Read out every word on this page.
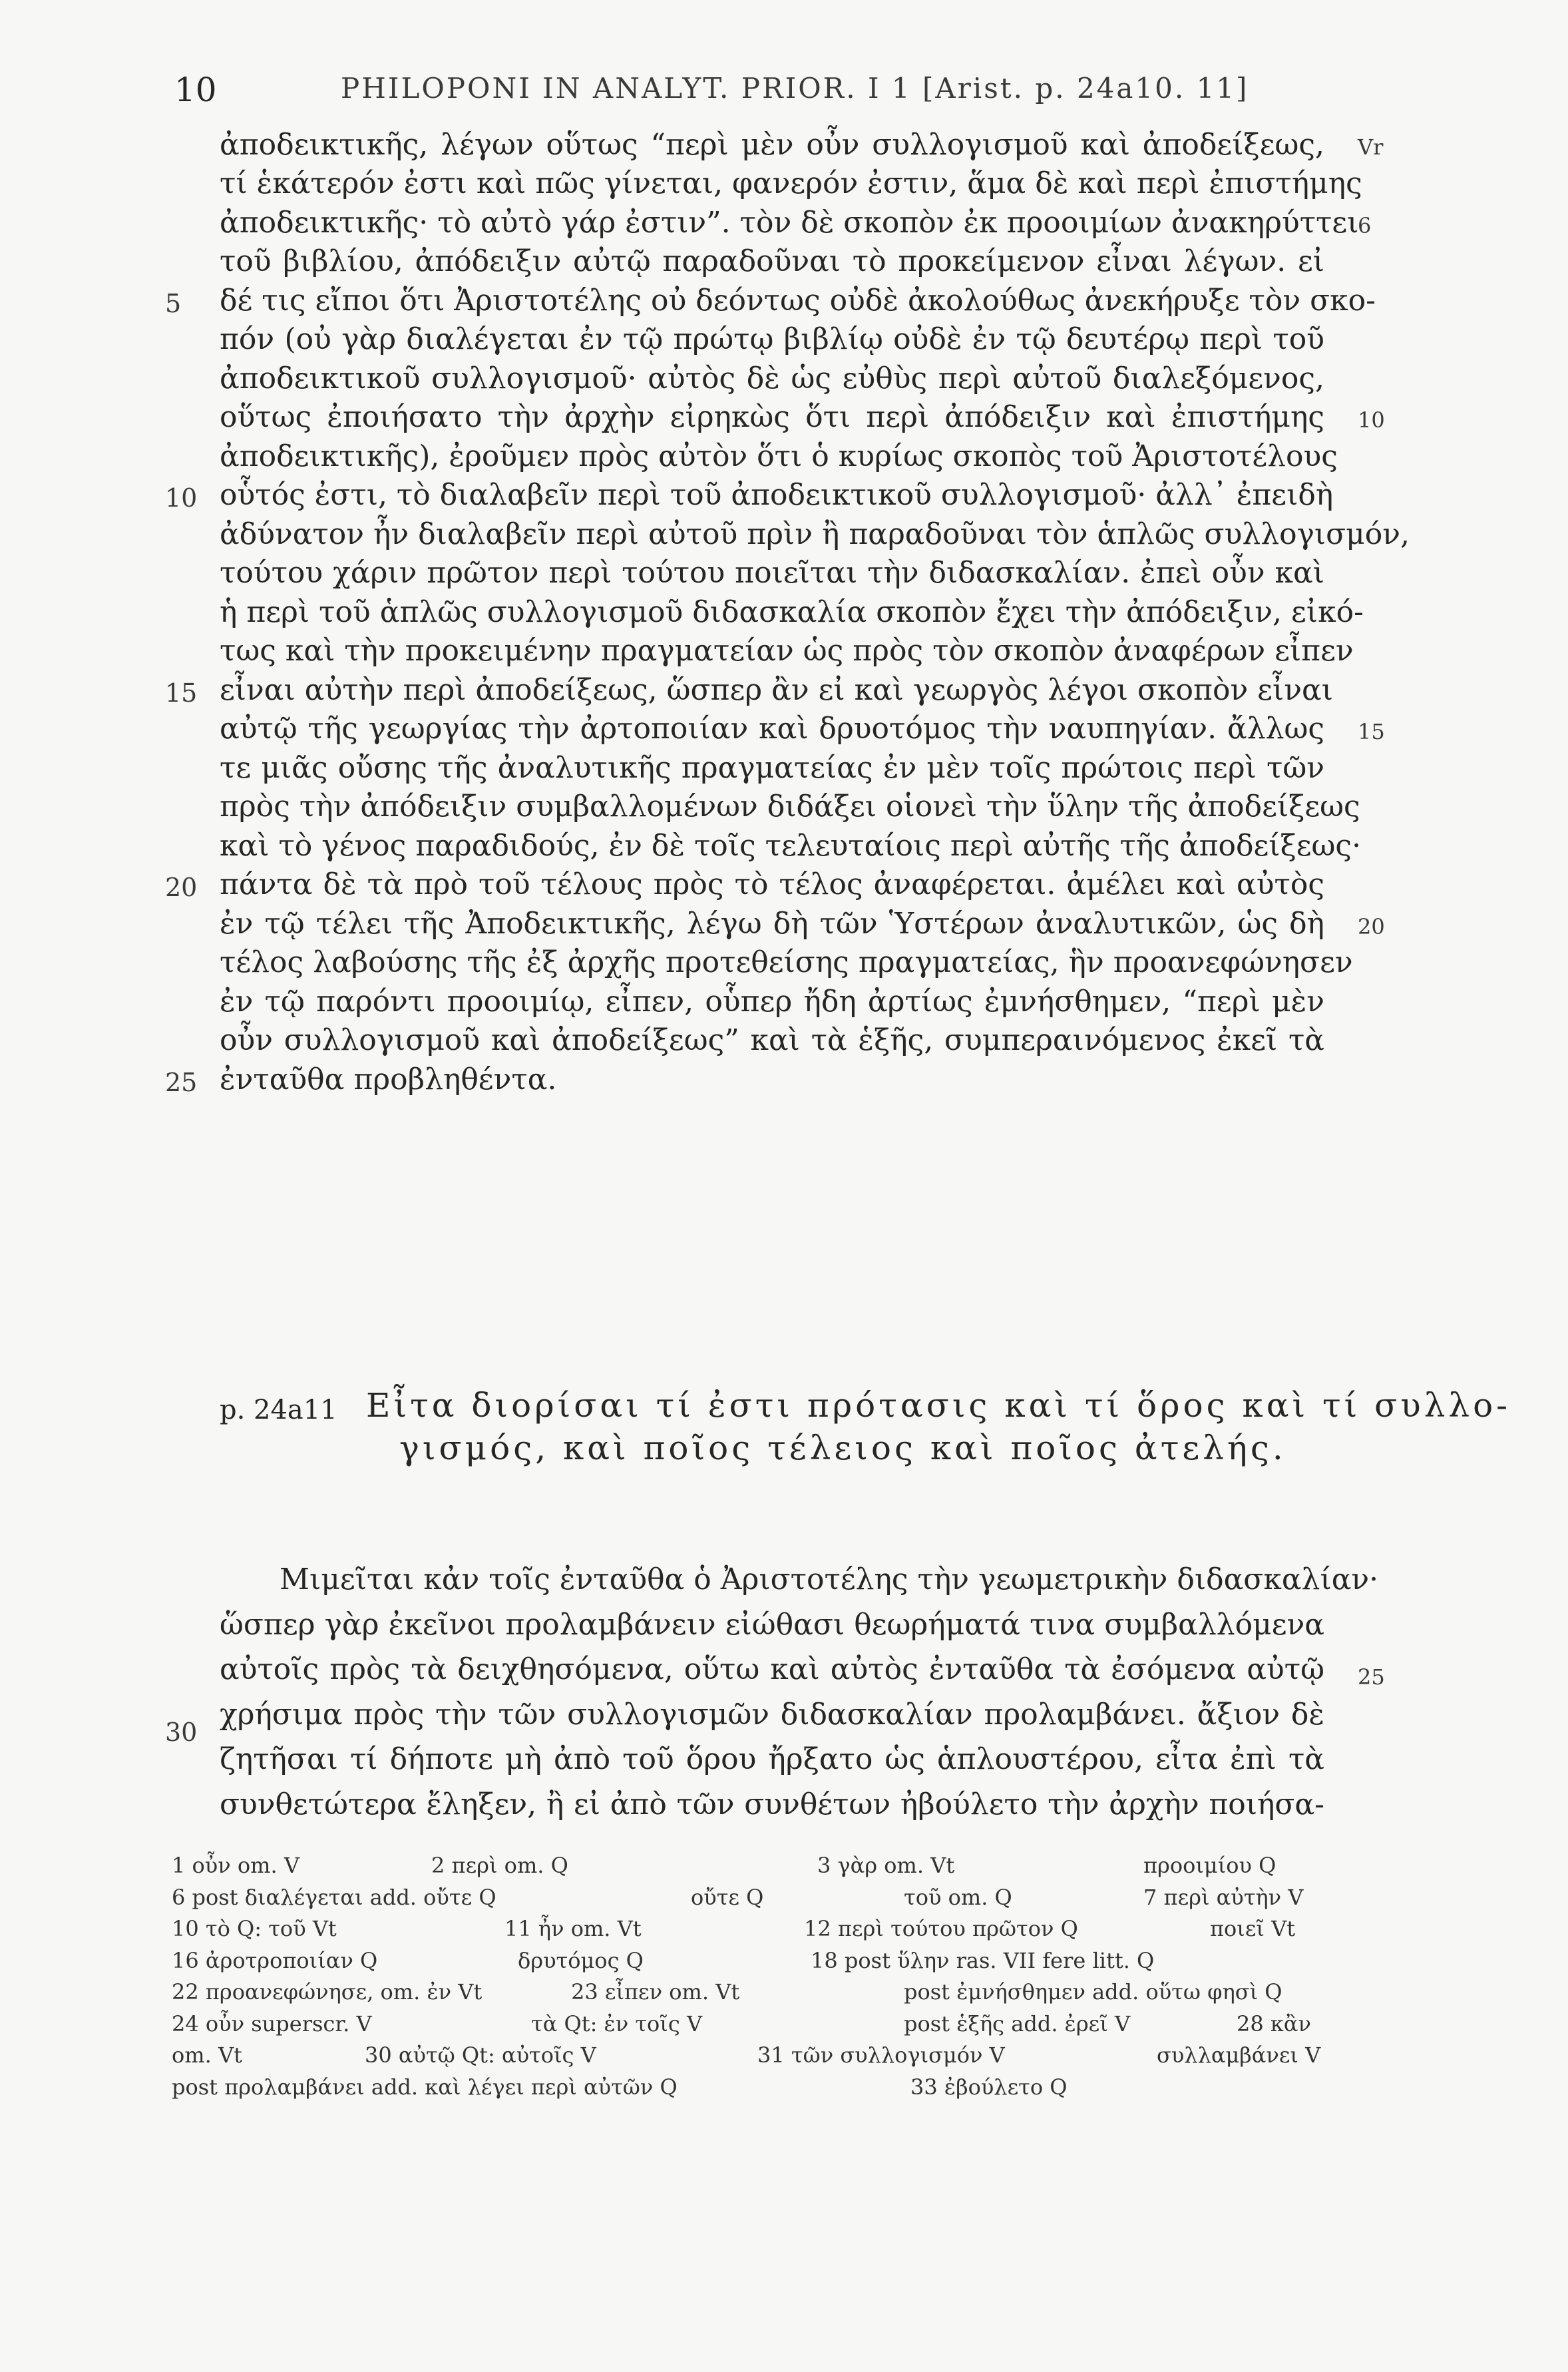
10	PHILOPONI IN ANALYT. PRIOR. I 1 [Arist. p. 24a10. 11]
ἀποδεικτικῆς, λέγων οὕτως “περὶ μὲν οὖν συλλογισμοῦ καὶ ἀποδείξεως,
τί ἑκάτερόν ἐστι καὶ πῶς γίνεται, φανερόν ἐστιν, ἅμα δὲ καὶ περὶ ἐπιστήμης
ἀποδεικτικῆς· τὸ αὐτὸ γάρ ἐστιν”. τὸν δὲ σκοπὸν ἐκ προοιμίων ἀνακηρύττει
τοῦ βιβλίου, ἀπόδειξιν αὐτῷ παραδοῦναι τὸ προκείμενον εἶναι λέγων. εἰ
δέ τις εἴποι ὅτι Ἀριστοτέλης οὐ δεόντως οὐδὲ ἀκολούθως ἀνεκήρυξε τὸν σκο-
πόν (οὐ γὰρ διαλέγεται ἐν τῷ πρώτῳ βιβλίῳ οὐδὲ ἐν τῷ δευτέρῳ περὶ τοῦ
ἀποδεικτικοῦ συλλογισμοῦ· αὐτὸς δὲ ὡς εὐθὺς περὶ αὐτοῦ διαλεξόμενος,
οὕτως ἐποιήσατο τὴν ἀρχὴν εἰρηκὼς ὅτι περὶ ἀπόδειξιν καὶ ἐπιστήμης
ἀποδεικτικῆς), ἐροῦμεν πρὸς αὐτὸν ὅτι ὁ κυρίως σκοπὸς τοῦ Ἀριστοτέλους
οὗτός ἐστι, τὸ διαλαβεῖν περὶ τοῦ ἀποδεικτικοῦ συλλογισμοῦ· ἀλλ᾽ ἐπειδὴ
ἀδύνατον ἦν διαλαβεῖν περὶ αὐτοῦ πρὶν ἢ παραδοῦναι τὸν ἁπλῶς συλλογισμόν,
τούτου χάριν πρῶτον περὶ τούτου ποιεῖται τὴν διδασκαλίαν. ἐπεὶ οὖν καὶ
ἡ περὶ τοῦ ἁπλῶς συλλογισμοῦ διδασκαλία σκοπὸν ἔχει τὴν ἀπόδειξιν, εἰκό-
τως καὶ τὴν προκειμένην πραγματείαν ὡς πρὸς τὸν σκοπὸν ἀναφέρων εἶπεν
εἶναι αὐτὴν περὶ ἀποδείξεως, ὥσπερ ἂν εἰ καὶ γεωργὸς λέγοι σκοπὸν εἶναι
αὐτῷ τῆς γεωργίας τὴν ἀρτοποιίαν καὶ δρυοτόμος τὴν ναυπηγίαν. ἄλλως
τε μιᾶς οὔσης τῆς ἀναλυτικῆς πραγματείας ἐν μὲν τοῖς πρώτοις περὶ τῶν
πρὸς τὴν ἀπόδειξιν συμβαλλομένων διδάξει οἱονεὶ τὴν ὕλην τῆς ἀποδείξεως
καὶ τὸ γένος παραδιδούς, ἐν δὲ τοῖς τελευταίοις περὶ αὐτῆς τῆς ἀποδείξεως·
πάντα δὲ τὰ πρὸ τοῦ τέλους πρὸς τὸ τέλος ἀναφέρεται. ἀμέλει καὶ αὐτὸς
ἐν τῷ τέλει τῆς Ἀποδεικτικῆς, λέγω δὴ τῶν Ὑστέρων ἀναλυτικῶν, ὡς δὴ
τέλος λαβούσης τῆς ἐξ ἀρχῆς προτεθείσης πραγματείας, ἣν προανεφώνησεν
ἐν τῷ παρόντι προοιμίῳ, εἶπεν, οὗπερ ἤδη ἀρτίως ἐμνήσθημεν, “περὶ μὲν
οὖν συλλογισμοῦ καὶ ἀποδείξεως” καὶ τὰ ἑξῆς, συμπεραινόμενος ἐκεῖ τὰ
ἐνταῦθα προβληθέντα.
5
10
15
20
25
30
Vr
6
10
15
20
25
p. 24a11 Εἶτα διορίσαι τί ἐστι πρότασις καὶ τί ὅρος καὶ τί συλλο-
γισμός, καὶ ποῖος τέλειος καὶ ποῖος ἀτελής.
Μιμεῖται κἀν τοῖς ἐνταῦθα ὁ Ἀριστοτέλης τὴν γεωμετρικὴν διδασκαλίαν·
ὥσπερ γὰρ ἐκεῖνοι προλαμβάνειν εἰώθασι θεωρήματά τινα συμβαλλόμενα
αὐτοῖς πρὸς τὰ δειχθησόμενα, οὕτω καὶ αὐτὸς ἐνταῦθα τὰ ἐσόμενα αὐτῷ
χρήσιμα πρὸς τὴν τῶν συλλογισμῶν διδασκαλίαν προλαμβάνει. ἄξιον δὲ
ζητῆσαι τί δήποτε μὴ ἀπὸ τοῦ ὅρου ἤρξατο ὡς ἁπλουστέρου, εἶτα ἐπὶ τὰ
συνθετώτερα ἔληξεν, ἢ εἰ ἀπὸ τῶν συνθέτων ἠβούλετο τὴν ἀρχὴν ποιήσα-
1 οὖν om. V	2 περὶ om. Q	3 γὰρ om. Vt	προοιμίου Q
6 post διαλέγεται add. οὔτε Q	οὔτε Q	τοῦ om. Q	7 περὶ αὐτὴν V
10 τὸ Q: τοῦ Vt	11 ἦν om. Vt	12 περὶ τούτου πρῶτον Q	ποιεῖ Vt
16 ἀροτροποιίαν Q	δρυτόμος Q	18 post ὕλην ras. VII fere litt. Q
22 προανεφώνησε, om. ἐν Vt	23 εἶπεν om. Vt	post ἐμνήσθημεν add. οὕτω φησὶ Q
24 οὖν superscr. V	τὰ Qt: ἐν τοῖς V	post ἑξῆς add. ἐρεῖ V	28 κἂν
om. Vt	30 αὐτῷ Qt: αὐτοῖς V	31 τῶν συλλογισμόν V	συλλαμβάνει V
post προλαμβάνει add. καὶ λέγει περὶ αὐτῶν Q	33 ἐβούλετο Q
